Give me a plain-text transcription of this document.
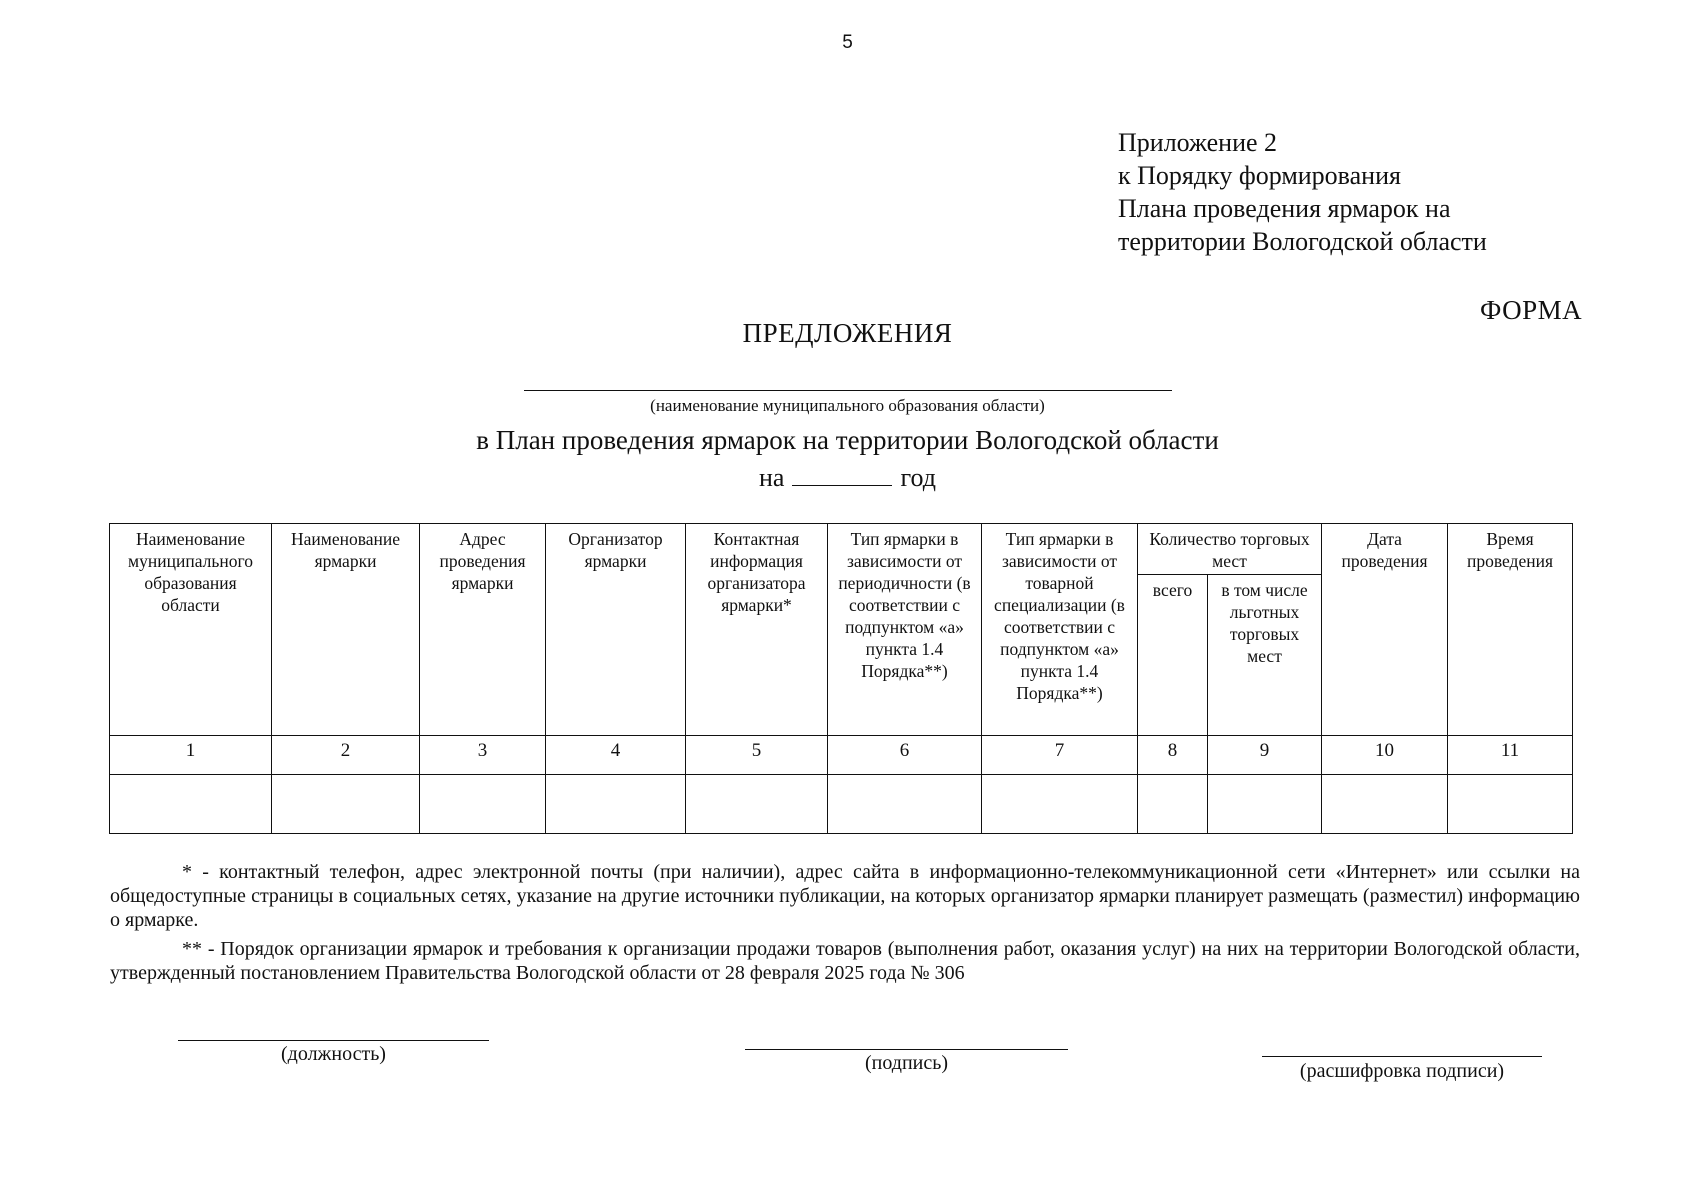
5
Приложение 2
к Порядку формирования
Плана проведения ярмарок на
территории Вологодской области
ФОРМА
ПРЕДЛОЖЕНИЯ
(наименование муниципального образования области)
в План проведения ярмарок на территории Вологодской области
на	год
Наименование муниципального образования области	Наименование ярмарки	Адрес проведения ярмарки	Организатор ярмарки	Контактная информация организатора ярмарки*	Тип ярмарки в зависимости от периодичности (в соответствии с подпунктом «а» пункта 1.4 Порядка**)	Тип ярмарки в зависимости от товарной специализации (в соответствии с подпунктом «а» пункта 1.4 Порядка**)	Количество торговых мест		Дата проведения	Время проведения
							всего	в том числе льготных торговых мест		
1	2	3	4	5	6	7	8	9	10	11

* - контактный телефон, адрес электронной почты (при наличии), адрес сайта в информационно-телекоммуникационной сети «Интернет» или ссылки на общедоступные страницы в социальных сетях, указание на другие источники публикации, на которых организатор ярмарки планирует размещать (разместил) информацию о ярмарке.

** - Порядок организации ярмарок и требования к организации продажи товаров (выполнения работ, оказания услуг) на них на территории Вологодской области, утвержденный постановлением Правительства Вологодской области от 28 февраля 2025 года № 306

(должность)	(подпись)	(расшифровка подписи)
